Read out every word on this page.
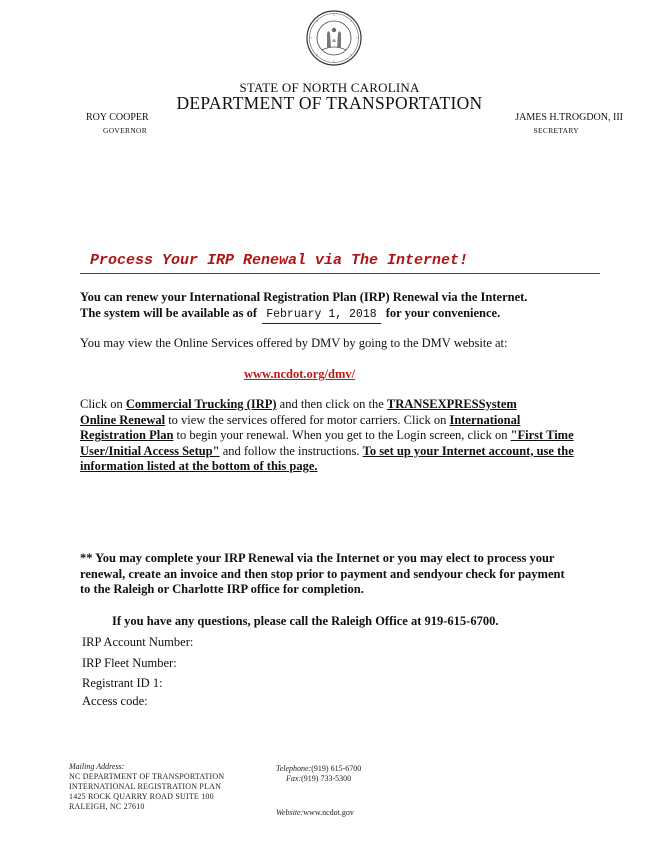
STATE OF NORTH CAROLINA
DEPARTMENT OF TRANSPORTATION
ROY COOPER
GOVERNOR
JAMES H.TROGDON, III
SECRETARY
Process Your IRP Renewal via The Internet!
You can renew your International Registration Plan (IRP) Renewal via the Internet.
The system will be available as of February 1, 2018 for your convenience.
You may view the Online Services offered by DMV by going to the DMV website at:
www.ncdot.org/dmv/
Click on Commercial Trucking (IRP) and then click on the TRANSEXPRESSystem
Online Renewal to view the services offered for motor carriers. Click on International
Registration Plan to begin your renewal. When you get to the Login screen, click on "First Time
User/Initial Access Setup" and follow the instructions. To set up your Internet account, use the
information listed at the bottom of this page.
** You may complete your IRP Renewal via the Internet or you may elect to process your
renewal, create an invoice and then stop prior to payment and sendyour check for payment
to the Raleigh or Charlotte IRP office for completion.
If you have any questions, please call the Raleigh Office at 919-615-6700.
IRP Account Number:
IRP Fleet Number:
Registrant ID 1:
Access code:
Mailing Address:
NC DEPARTMENT OF TRANSPORTATION
INTERNATIONAL REGISTRATION PLAN
1425 ROCK QUARRY ROAD SUITE 100
RALEIGH, NC 27610
Telephone:(919) 615-6700
Fax:(919) 733-5300
Website:www.ncdot.gov
